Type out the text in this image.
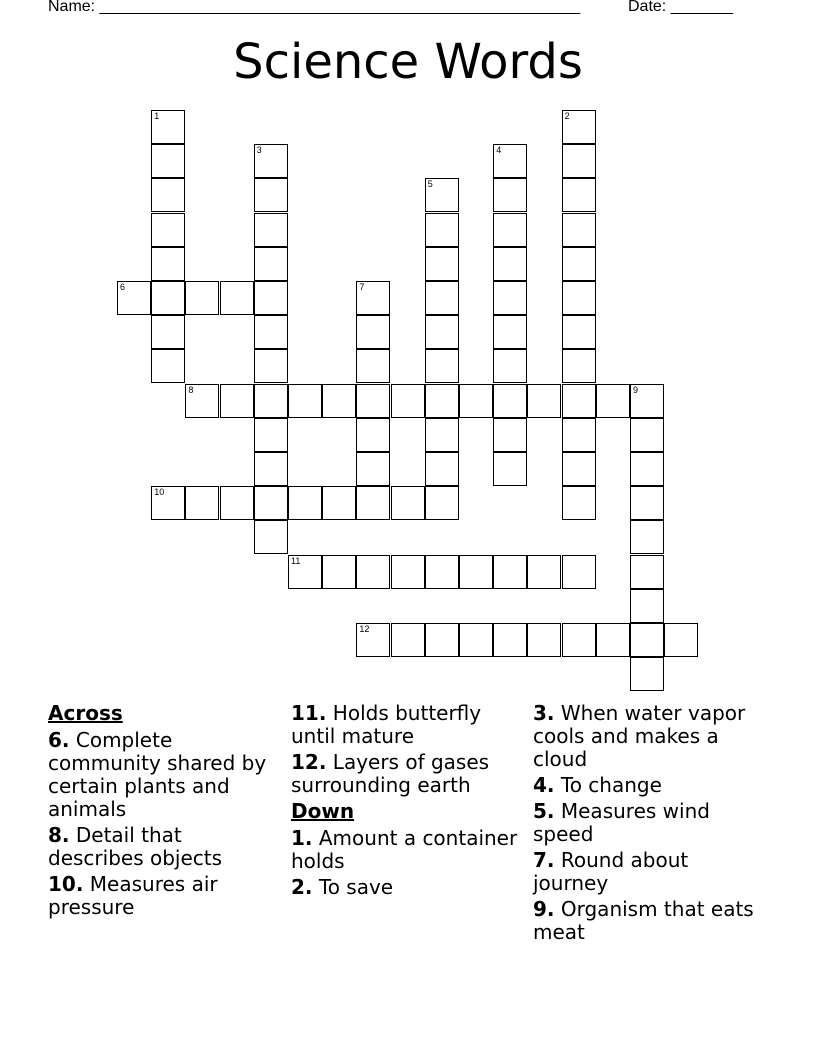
Name: ______________________________________________________	Date: _______
Science Words
1	2
3	4
5
6	7
8	9
10
11
12
Across
6. Complete community shared by certain plants and animals
8. Detail that describes objects
10. Measures air pressure
11. Holds butterfly until mature
12. Layers of gases surrounding earth
Down
1. Amount a container holds
2. To save
3. When water vapor cools and makes a cloud
4. To change
5. Measures wind speed
7. Round about journey
9. Organism that eats meat
